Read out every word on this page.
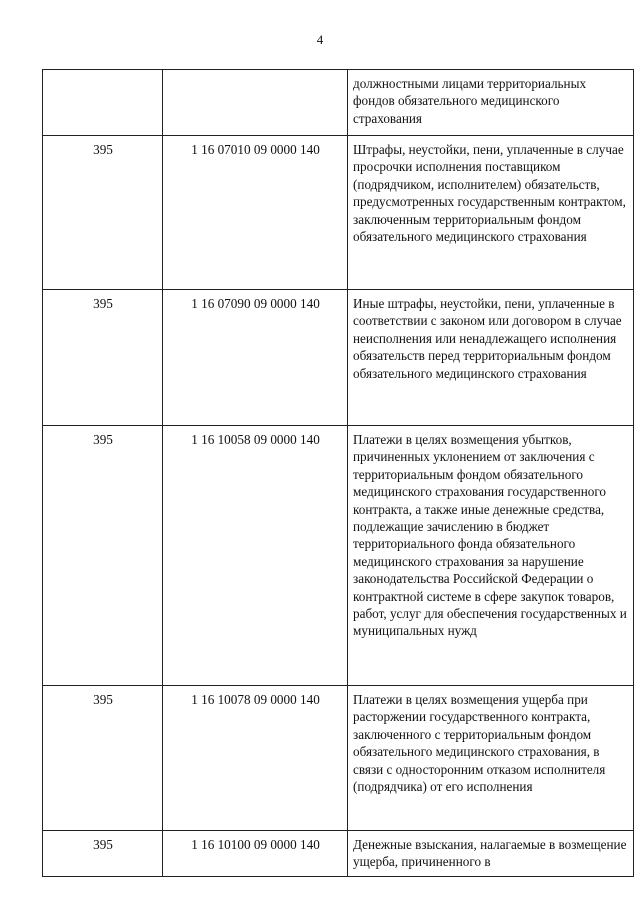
4
		должностными лицами территориальных фондов обязательного медицинского страхования
395	1 16 07010 09 0000 140	Штрафы, неустойки, пени, уплаченные в случае просрочки исполнения поставщиком (подрядчиком, исполнителем) обязательств, предусмотренных государственным контрактом, заключенным территориальным фондом обязательного медицинского страхования
395	1 16 07090 09 0000 140	Иные штрафы, неустойки, пени, уплаченные в соответствии с законом или договором в случае неисполнения или ненадлежащего исполнения обязательств перед территориальным фондом обязательного медицинского страхования
395	1 16 10058 09 0000 140	Платежи в целях возмещения убытков, причиненных уклонением от заключения с территориальным фондом обязательного медицинского страхования государственного контракта, а также иные денежные средства, подлежащие зачислению в бюджет территориального фонда обязательного медицинского страхования за нарушение законодательства Российской Федерации о контрактной системе в сфере закупок товаров, работ, услуг для обеспечения государственных и муниципальных нужд
395	1 16 10078 09 0000 140	Платежи в целях возмещения ущерба при расторжении государственного контракта, заключенного с территориальным фондом обязательного медицинского страхования, в связи с односторонним отказом исполнителя (подрядчика) от его исполнения
395	1 16 10100 09 0000 140	Денежные взыскания, налагаемые в возмещение ущерба, причиненного в
